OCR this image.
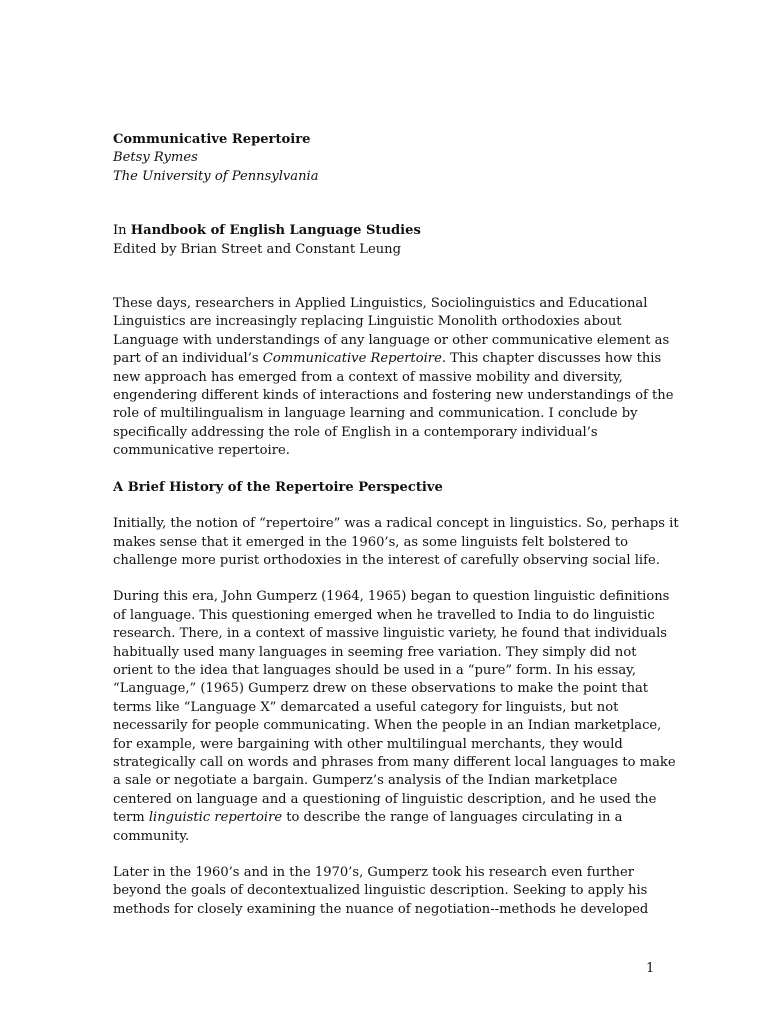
Communicative Repertoire
Betsy Rymes
The University of Pennsylvania
In Handbook of English Language Studies
Edited by Brian Street and Constant Leung

These days, researchers in Applied Linguistics, Sociolinguistics and Educational
Linguistics are increasingly replacing Linguistic Monolith orthodoxies about
Language with understandings of any language or other communicative element as
part of an individual’s Communicative Repertoire. This chapter discusses how this
new approach has emerged from a context of massive mobility and diversity,
engendering different kinds of interactions and fostering new understandings of the
role of multilingualism in language learning and communication. I conclude by
specifically addressing the role of English in a contemporary individual’s
communicative repertoire.

A Brief History of the Repertoire Perspective

Initially, the notion of “repertoire” was a radical concept in linguistics. So, perhaps it
makes sense that it emerged in the 1960’s, as some linguists felt bolstered to
challenge more purist orthodoxies in the interest of carefully observing social life.

During this era, John Gumperz (1964, 1965) began to question linguistic definitions
of language. This questioning emerged when he travelled to India to do linguistic
research. There, in a context of massive linguistic variety, he found that individuals
habitually used many languages in seeming free variation. They simply did not
orient to the idea that languages should be used in a “pure” form. In his essay,
“Language,” (1965) Gumperz drew on these observations to make the point that
terms like “Language X” demarcated a useful category for linguists, but not
necessarily for people communicating. When the people in an Indian marketplace,
for example, were bargaining with other multilingual merchants, they would
strategically call on words and phrases from many different local languages to make
a sale or negotiate a bargain. Gumperz’s analysis of the Indian marketplace
centered on language and a questioning of linguistic description, and he used the
term linguistic repertoire to describe the range of languages circulating in a
community.

Later in the 1960’s and in the 1970’s, Gumperz took his research even further
beyond the goals of decontextualized linguistic description. Seeking to apply his
methods for closely examining the nuance of negotiation--methods he developed

1
